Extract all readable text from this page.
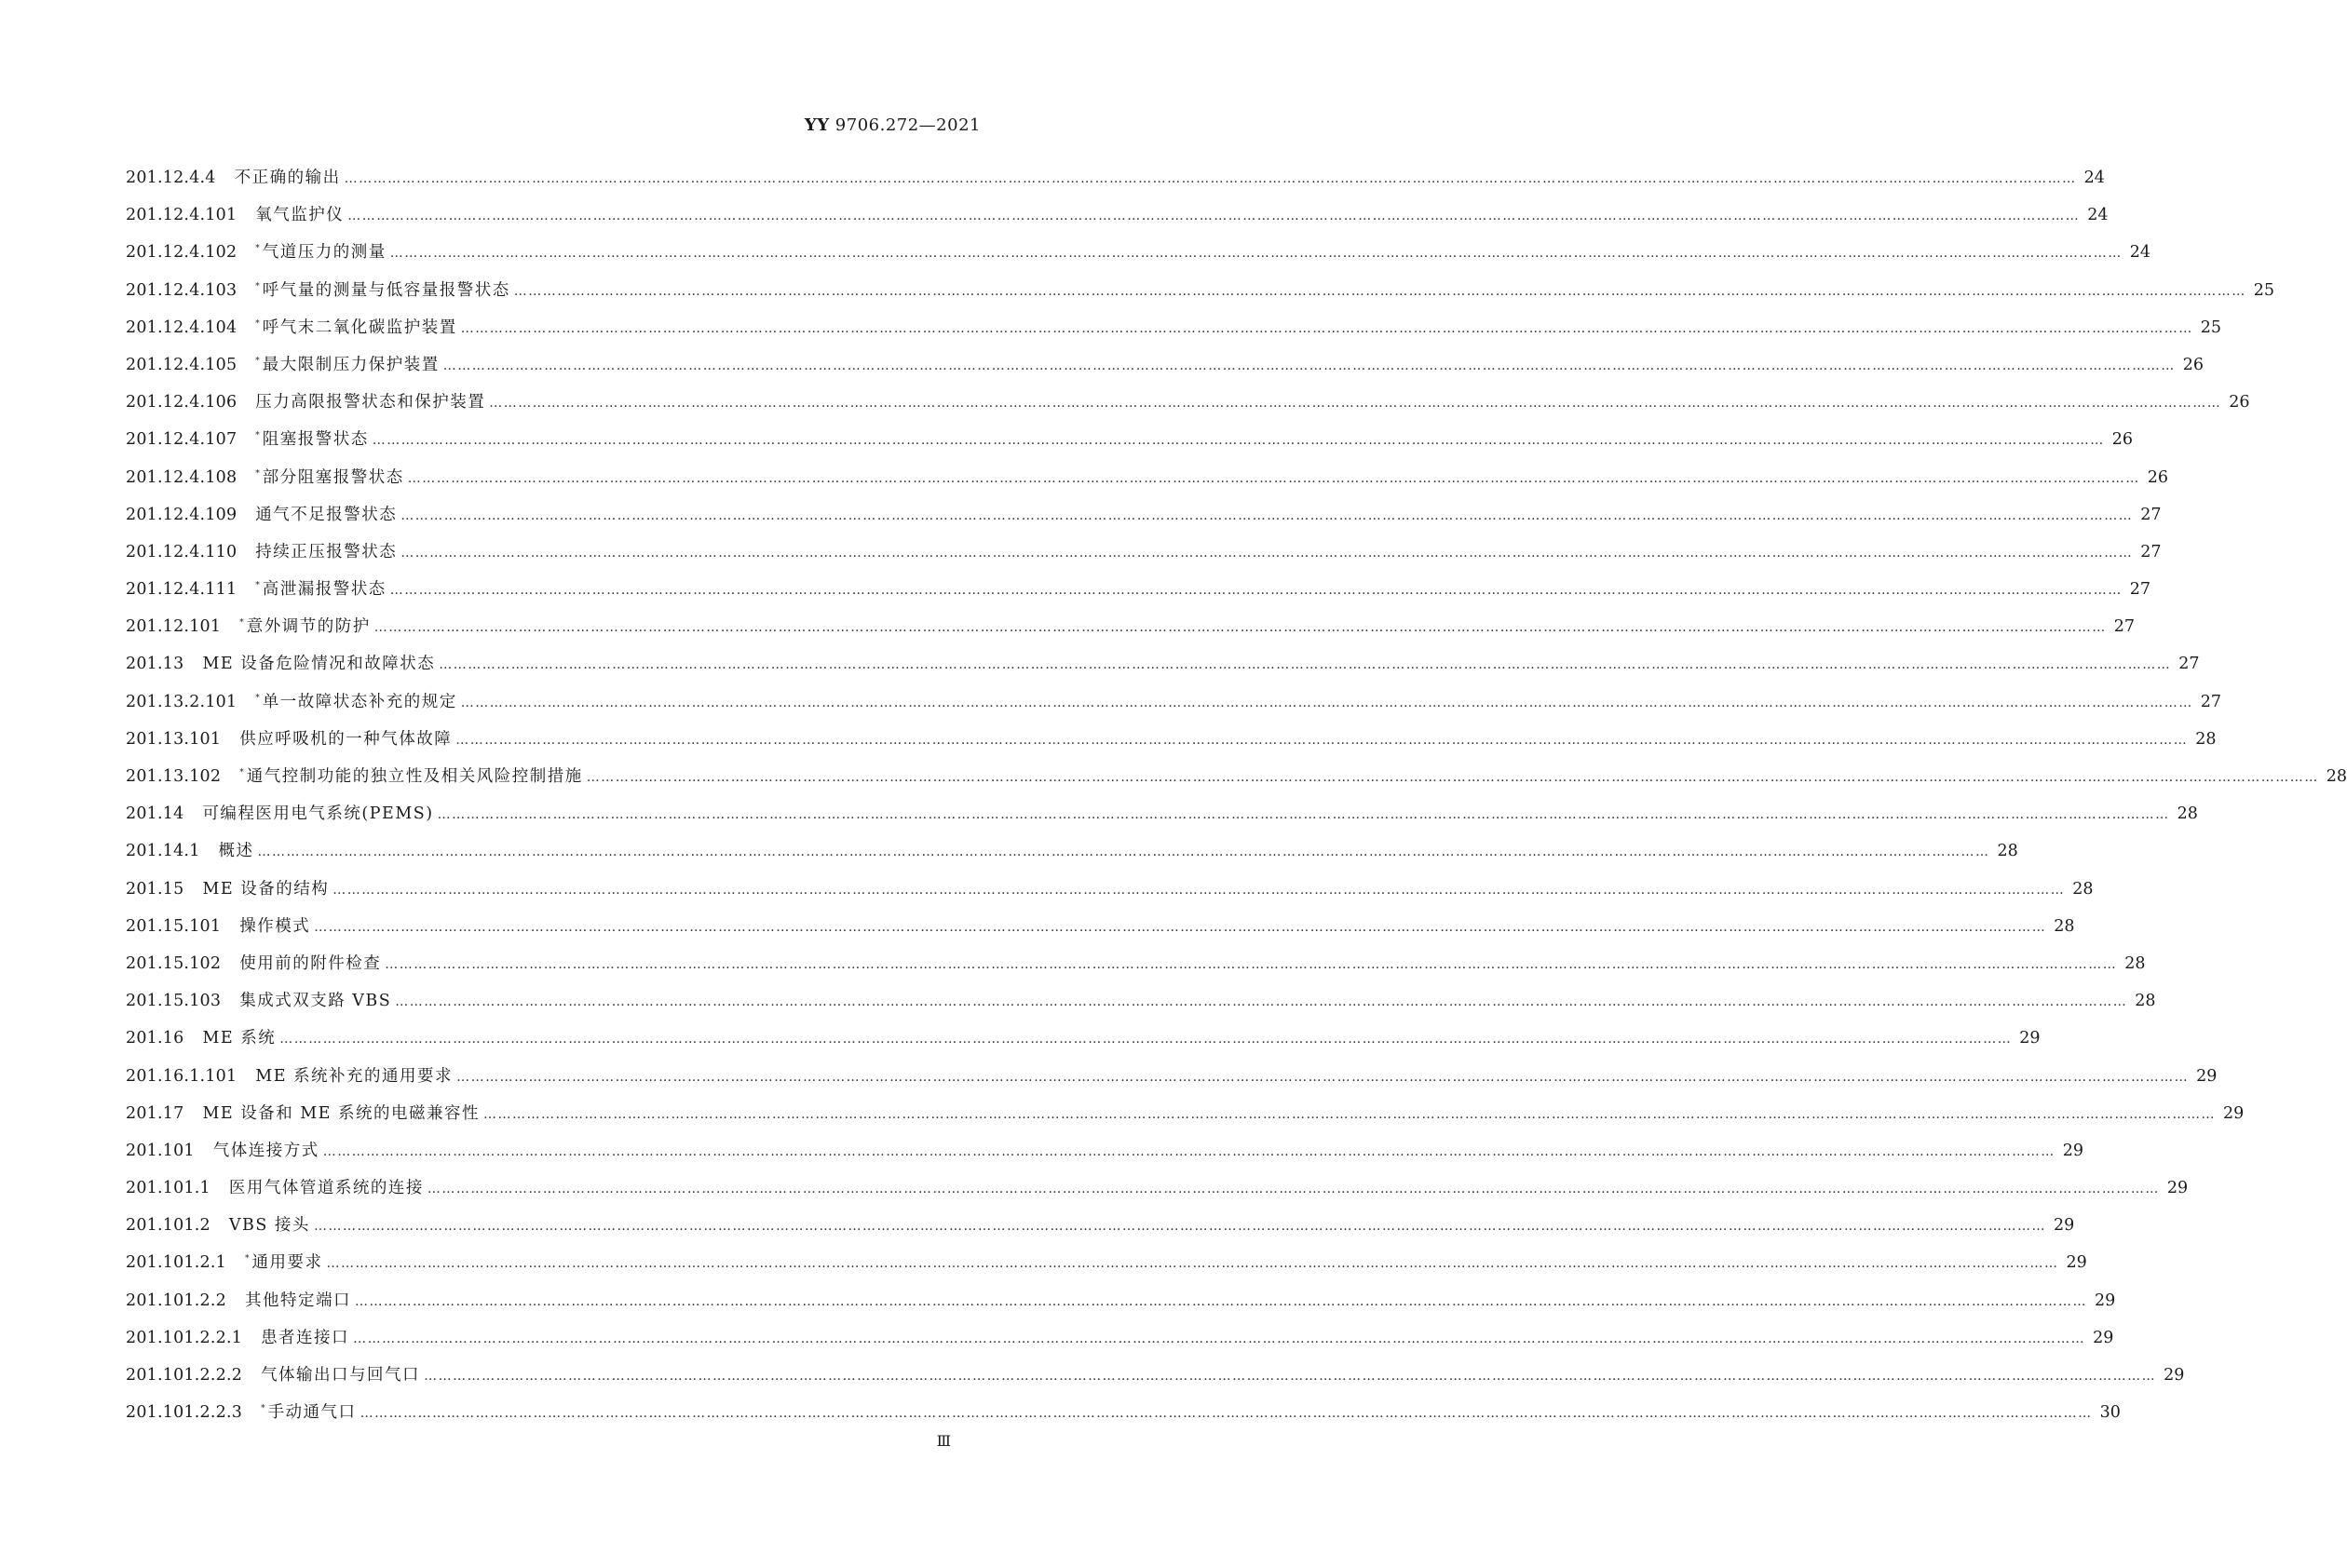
YY 9706.272—2021
201.12.4.4 不正确的输出 ……………………………………………………………………………………………………………………………………………………………………………………………………………………………………………………………………………………………………………………………… 24
201.12.4.101 氧气监护仪 ……………………………………………………………………………………………………………………………………………………………………………………………………………………………………………………………………………………………………………………………… 24
201.12.4.102 * 气道压力的测量 ……………………………………………………………………………………………………………………………………………………………………………………………………………………………………………………………………………………………………………………………… 24
201.12.4.103 * 呼气量的测量与低容量报警状态 ……………………………………………………………………………………………………………………………………………………………………………………………………………………………………………………………………………………………………………………………… 25
201.12.4.104 * 呼气末二氧化碳监护装置 ……………………………………………………………………………………………………………………………………………………………………………………………………………………………………………………………………………………………………………………………… 25
201.12.4.105 * 最大限制压力保护装置 ……………………………………………………………………………………………………………………………………………………………………………………………………………………………………………………………………………………………………………………………… 26
201.12.4.106 压力高限报警状态和保护装置 ……………………………………………………………………………………………………………………………………………………………………………………………………………………………………………………………………………………………………………………………… 26
201.12.4.107 * 阻塞报警状态 ……………………………………………………………………………………………………………………………………………………………………………………………………………………………………………………………………………………………………………………………… 26
201.12.4.108 * 部分阻塞报警状态 ……………………………………………………………………………………………………………………………………………………………………………………………………………………………………………………………………………………………………………………………… 26
201.12.4.109 通气不足报警状态 ……………………………………………………………………………………………………………………………………………………………………………………………………………………………………………………………………………………………………………………………… 27
201.12.4.110 持续正压报警状态 ……………………………………………………………………………………………………………………………………………………………………………………………………………………………………………………………………………………………………………………………… 27
201.12.4.111 * 高泄漏报警状态 ……………………………………………………………………………………………………………………………………………………………………………………………………………………………………………………………………………………………………………………………… 27
201.12.101 * 意外调节的防护 ……………………………………………………………………………………………………………………………………………………………………………………………………………………………………………………………………………………………………………………………… 27
201.13 ME 设备危险情况和故障状态 ……………………………………………………………………………………………………………………………………………………………………………………………………………………………………………………………………………………………………………………………… 27
201.13.2.101 * 单一故障状态补充的规定 ……………………………………………………………………………………………………………………………………………………………………………………………………………………………………………………………………………………………………………………………… 27
201.13.101 供应呼吸机的一种气体故障 ……………………………………………………………………………………………………………………………………………………………………………………………………………………………………………………………………………………………………………………………… 28
201.13.102 * 通气控制功能的独立性及相关风险控制措施 ……………………………………………………………………………………………………………………………………………………………………………………………………………………………………………………………………………………………………………………………… 28
201.14 可编程医用电气系统(PEMS) ……………………………………………………………………………………………………………………………………………………………………………………………………………………………………………………………………………………………………………………………… 28
201.14.1 概述 ……………………………………………………………………………………………………………………………………………………………………………………………………………………………………………………………………………………………………………………………… 28
201.15 ME 设备的结构 ……………………………………………………………………………………………………………………………………………………………………………………………………………………………………………………………………………………………………………………………… 28
201.15.101 操作模式 ……………………………………………………………………………………………………………………………………………………………………………………………………………………………………………………………………………………………………………………………… 28
201.15.102 使用前的附件检查 ……………………………………………………………………………………………………………………………………………………………………………………………………………………………………………………………………………………………………………………………… 28
201.15.103 集成式双支路 VBS ……………………………………………………………………………………………………………………………………………………………………………………………………………………………………………………………………………………………………………………………… 28
201.16 ME 系统 ……………………………………………………………………………………………………………………………………………………………………………………………………………………………………………………………………………………………………………………………… 29
201.16.1.101 ME 系统补充的通用要求 ……………………………………………………………………………………………………………………………………………………………………………………………………………………………………………………………………………………………………………………………… 29
201.17 ME 设备和 ME 系统的电磁兼容性 ……………………………………………………………………………………………………………………………………………………………………………………………………………………………………………………………………………………………………………………………… 29
201.101 气体连接方式 ……………………………………………………………………………………………………………………………………………………………………………………………………………………………………………………………………………………………………………………………… 29
201.101.1 医用气体管道系统的连接 ……………………………………………………………………………………………………………………………………………………………………………………………………………………………………………………………………………………………………………………………… 29
201.101.2 VBS 接头 ……………………………………………………………………………………………………………………………………………………………………………………………………………………………………………………………………………………………………………………………… 29
201.101.2.1 * 通用要求 ……………………………………………………………………………………………………………………………………………………………………………………………………………………………………………………………………………………………………………………………… 29
201.101.2.2 其他特定端口 ……………………………………………………………………………………………………………………………………………………………………………………………………………………………………………………………………………………………………………………………… 29
201.101.2.2.1 患者连接口 ……………………………………………………………………………………………………………………………………………………………………………………………………………………………………………………………………………………………………………………………… 29
201.101.2.2.2 气体输出口与回气口 ……………………………………………………………………………………………………………………………………………………………………………………………………………………………………………………………………………………………………………………………… 29
201.101.2.2.3 * 手动通气口 ……………………………………………………………………………………………………………………………………………………………………………………………………………………………………………………………………………………………………………………………… 30
Ⅲ
